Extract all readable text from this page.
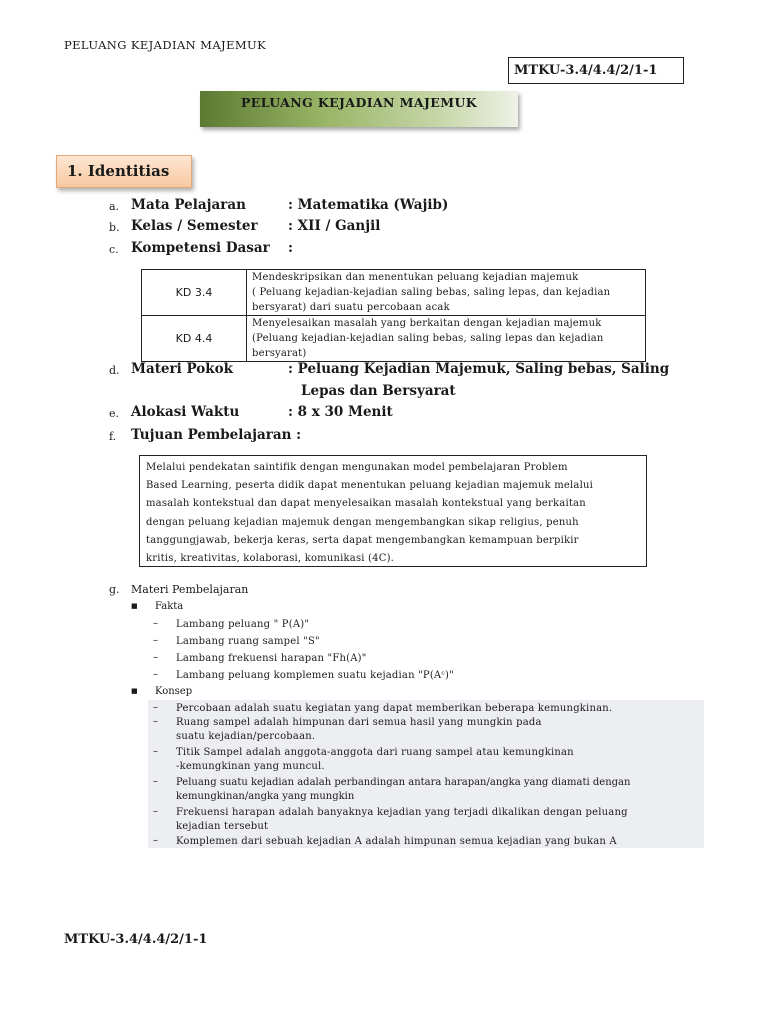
PELUANG KEJADIAN MAJEMUK
MTKU-3.4/4.4/2/1-1
PELUANG KEJADIAN MAJEMUK
1. Identitias
a. Mata Pelajaran	: Matematika (Wajib)
b. Kelas / Semester : XII / Ganjil
c. Kompetensi Dasar :
KD 3.4	Mendeskripsikan dan menentukan peluang kejadian majemuk
( Peluang kejadian-kejadian saling bebas, saling lepas, dan kejadian
bersyarat) dari suatu percobaan acak

KD 4.4	Menyelesaikan masalah yang berkaitan dengan kejadian majemuk
(Peluang kejadian-kejadian saling bebas, saling lepas dan kejadian
bersyarat)
d. Materi Pokok	: Peluang Kejadian Majemuk, Saling bebas, Saling
Lepas dan Bersyarat
e. Alokasi Waktu	: 8 x 30 Menit
f. Tujuan Pembelajaran :
Melalui pendekatan saintifik dengan mengunakan model pembelajaran Problem
Based Learning, peserta didik dapat menentukan peluang kejadian majemuk melalui
masalah kontekstual dan dapat menyelesaikan masalah kontekstual yang berkaitan
dengan peluang kejadian majemuk dengan mengembangkan sikap religius, penuh
tanggungjawab, bekerja keras, serta dapat mengembangkan kemampuan berpikir
kritis, kreativitas, kolaborasi, komunikasi (4C).
g. Materi Pembelajaran
■ Fakta
– Lambang peluang " P(A)"
– Lambang ruang sampel "S"
– Lambang frekuensi harapan "Fh(A)"
– Lambang peluang komplemen suatu kejadian "P(Aᶜ)"
■ Konsep
– Percobaan adalah suatu kegiatan yang dapat memberikan beberapa kemungkinan.
– Ruang sampel adalah himpunan dari semua hasil yang mungkin pada
suatu kejadian/percobaan.
– Titik Sampel adalah anggota-anggota dari ruang sampel atau kemungkinan
-kemungkinan yang muncul.
– Peluang suatu kejadian adalah perbandingan antara harapan/angka yang diamati dengan
kemungkinan/angka yang mungkin
– Frekuensi harapan adalah banyaknya kejadian yang terjadi dikalikan dengan peluang
kejadian tersebut
– Komplemen dari sebuah kejadian A adalah himpunan semua kejadian yang bukan A
MTKU-3.4/4.4/2/1-1
